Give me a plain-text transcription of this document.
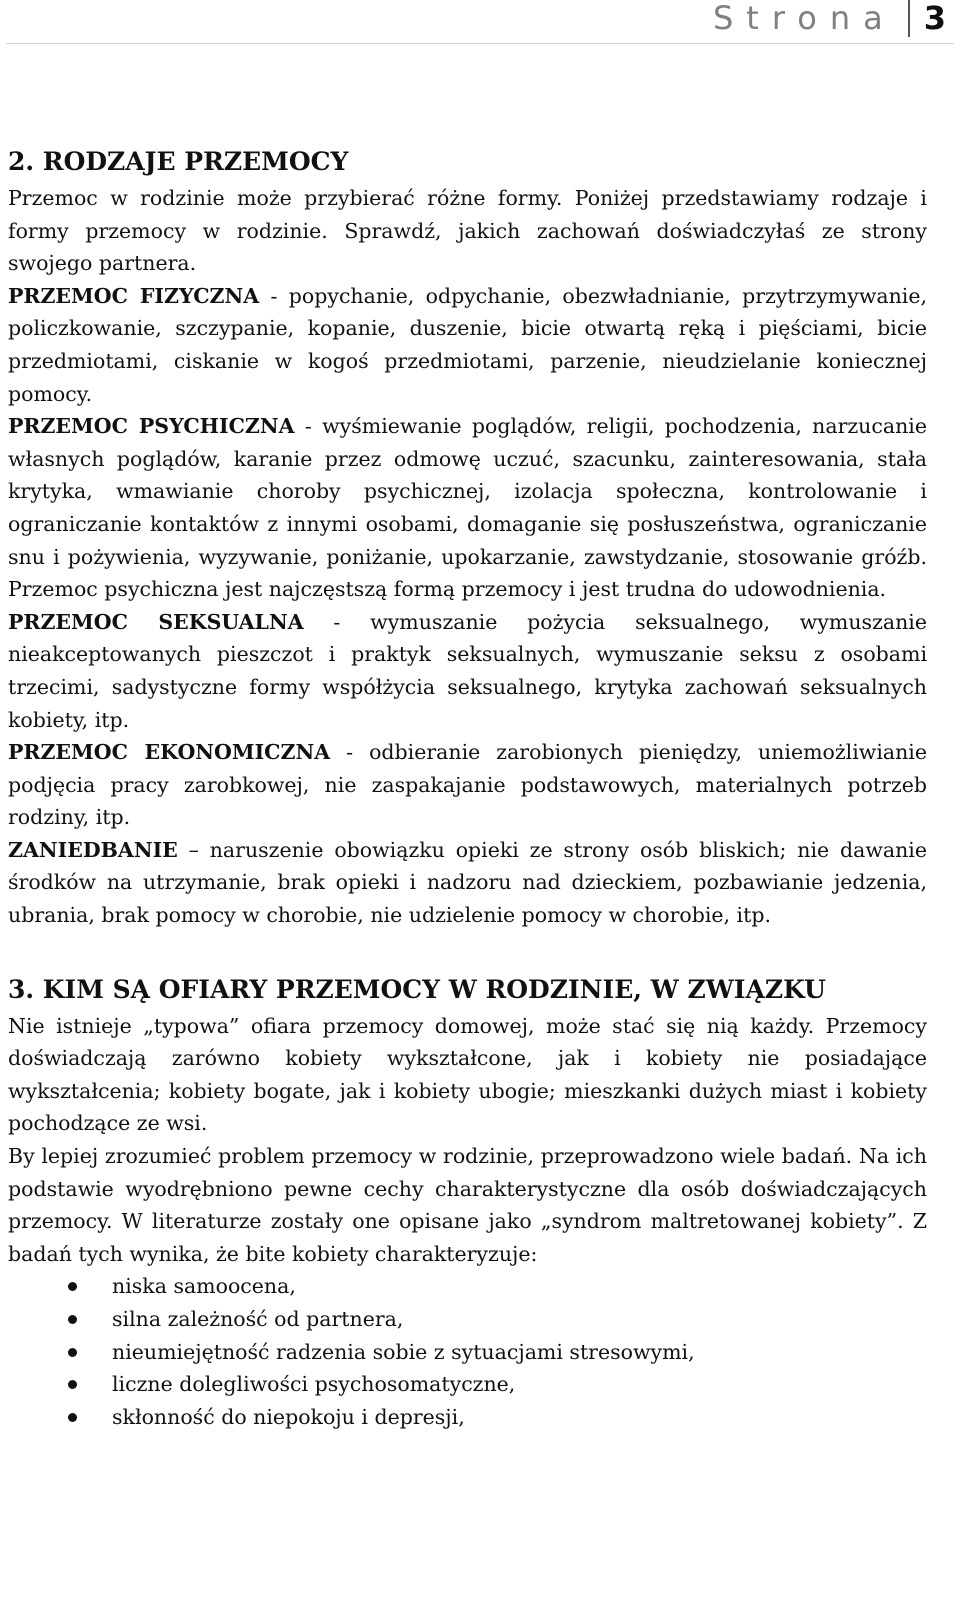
Strona 3
2. RODZAJE PRZEMOCY

Przemoc w rodzinie może przybierać różne formy. Poniżej przedstawiamy rodzaje i formy przemocy w rodzinie. Sprawdź, jakich zachowań doświadczyłaś ze strony swojego partnera.

PRZEMOC FIZYCZNA - popychanie, odpychanie, obezwładnianie, przytrzymywanie, policzkowanie, szczypanie, kopanie, duszenie, bicie otwartą ręką i pięściami, bicie przedmiotami, ciskanie w kogoś przedmiotami, parzenie, nieudzielanie koniecznej pomocy.

PRZEMOC PSYCHICZNA - wyśmiewanie poglądów, religii, pochodzenia, narzucanie własnych poglądów, karanie przez odmowę uczuć, szacunku, zainteresowania, stała krytyka, wmawianie choroby psychicznej, izolacja społeczna, kontrolowanie i ograniczanie kontaktów z innymi osobami, domaganie się posłuszeństwa, ograniczanie snu i pożywienia, wyzywanie, poniżanie, upokarzanie, zawstydzanie, stosowanie gróźb. Przemoc psychiczna jest najczęstszą formą przemocy i jest trudna do udowodnienia.

PRZEMOC SEKSUALNA - wymuszanie pożycia seksualnego, wymuszanie nieakceptowanych pieszczot i praktyk seksualnych, wymuszanie seksu z osobami trzecimi, sadystyczne formy współżycia seksualnego, krytyka zachowań seksualnych kobiety, itp.

PRZEMOC EKONOMICZNA - odbieranie zarobionych pieniędzy, uniemożliwianie podjęcia pracy zarobkowej, nie zaspakajanie podstawowych, materialnych potrzeb rodziny, itp.

ZANIEDBANIE – naruszenie obowiązku opieki ze strony osób bliskich; nie dawanie środków na utrzymanie, brak opieki i nadzoru nad dzieckiem, pozbawianie jedzenia, ubrania, brak pomocy w chorobie, nie udzielenie pomocy w chorobie, itp.

3. KIM SĄ OFIARY PRZEMOCY W RODZINIE, W ZWIĄZKU

Nie istnieje „typowa” ofiara przemocy domowej, może stać się nią każdy. Przemocy doświadczają zarówno kobiety wykształcone, jak i kobiety nie posiadające wykształcenia; kobiety bogate, jak i kobiety ubogie; mieszkanki dużych miast i kobiety pochodzące ze wsi.

By lepiej zrozumieć problem przemocy w rodzinie, przeprowadzono wiele badań. Na ich podstawie wyodrębniono pewne cechy charakterystyczne dla osób doświadczających przemocy. W literaturze zostały one opisane jako „syndrom maltretowanej kobiety”. Z badań tych wynika, że bite kobiety charakteryzuje:

niska samoocena,
silna zależność od partnera,
nieumiejętność radzenia sobie z sytuacjami stresowymi,
liczne dolegliwości psychosomatyczne,
skłonność do niepokoju i depresji,
